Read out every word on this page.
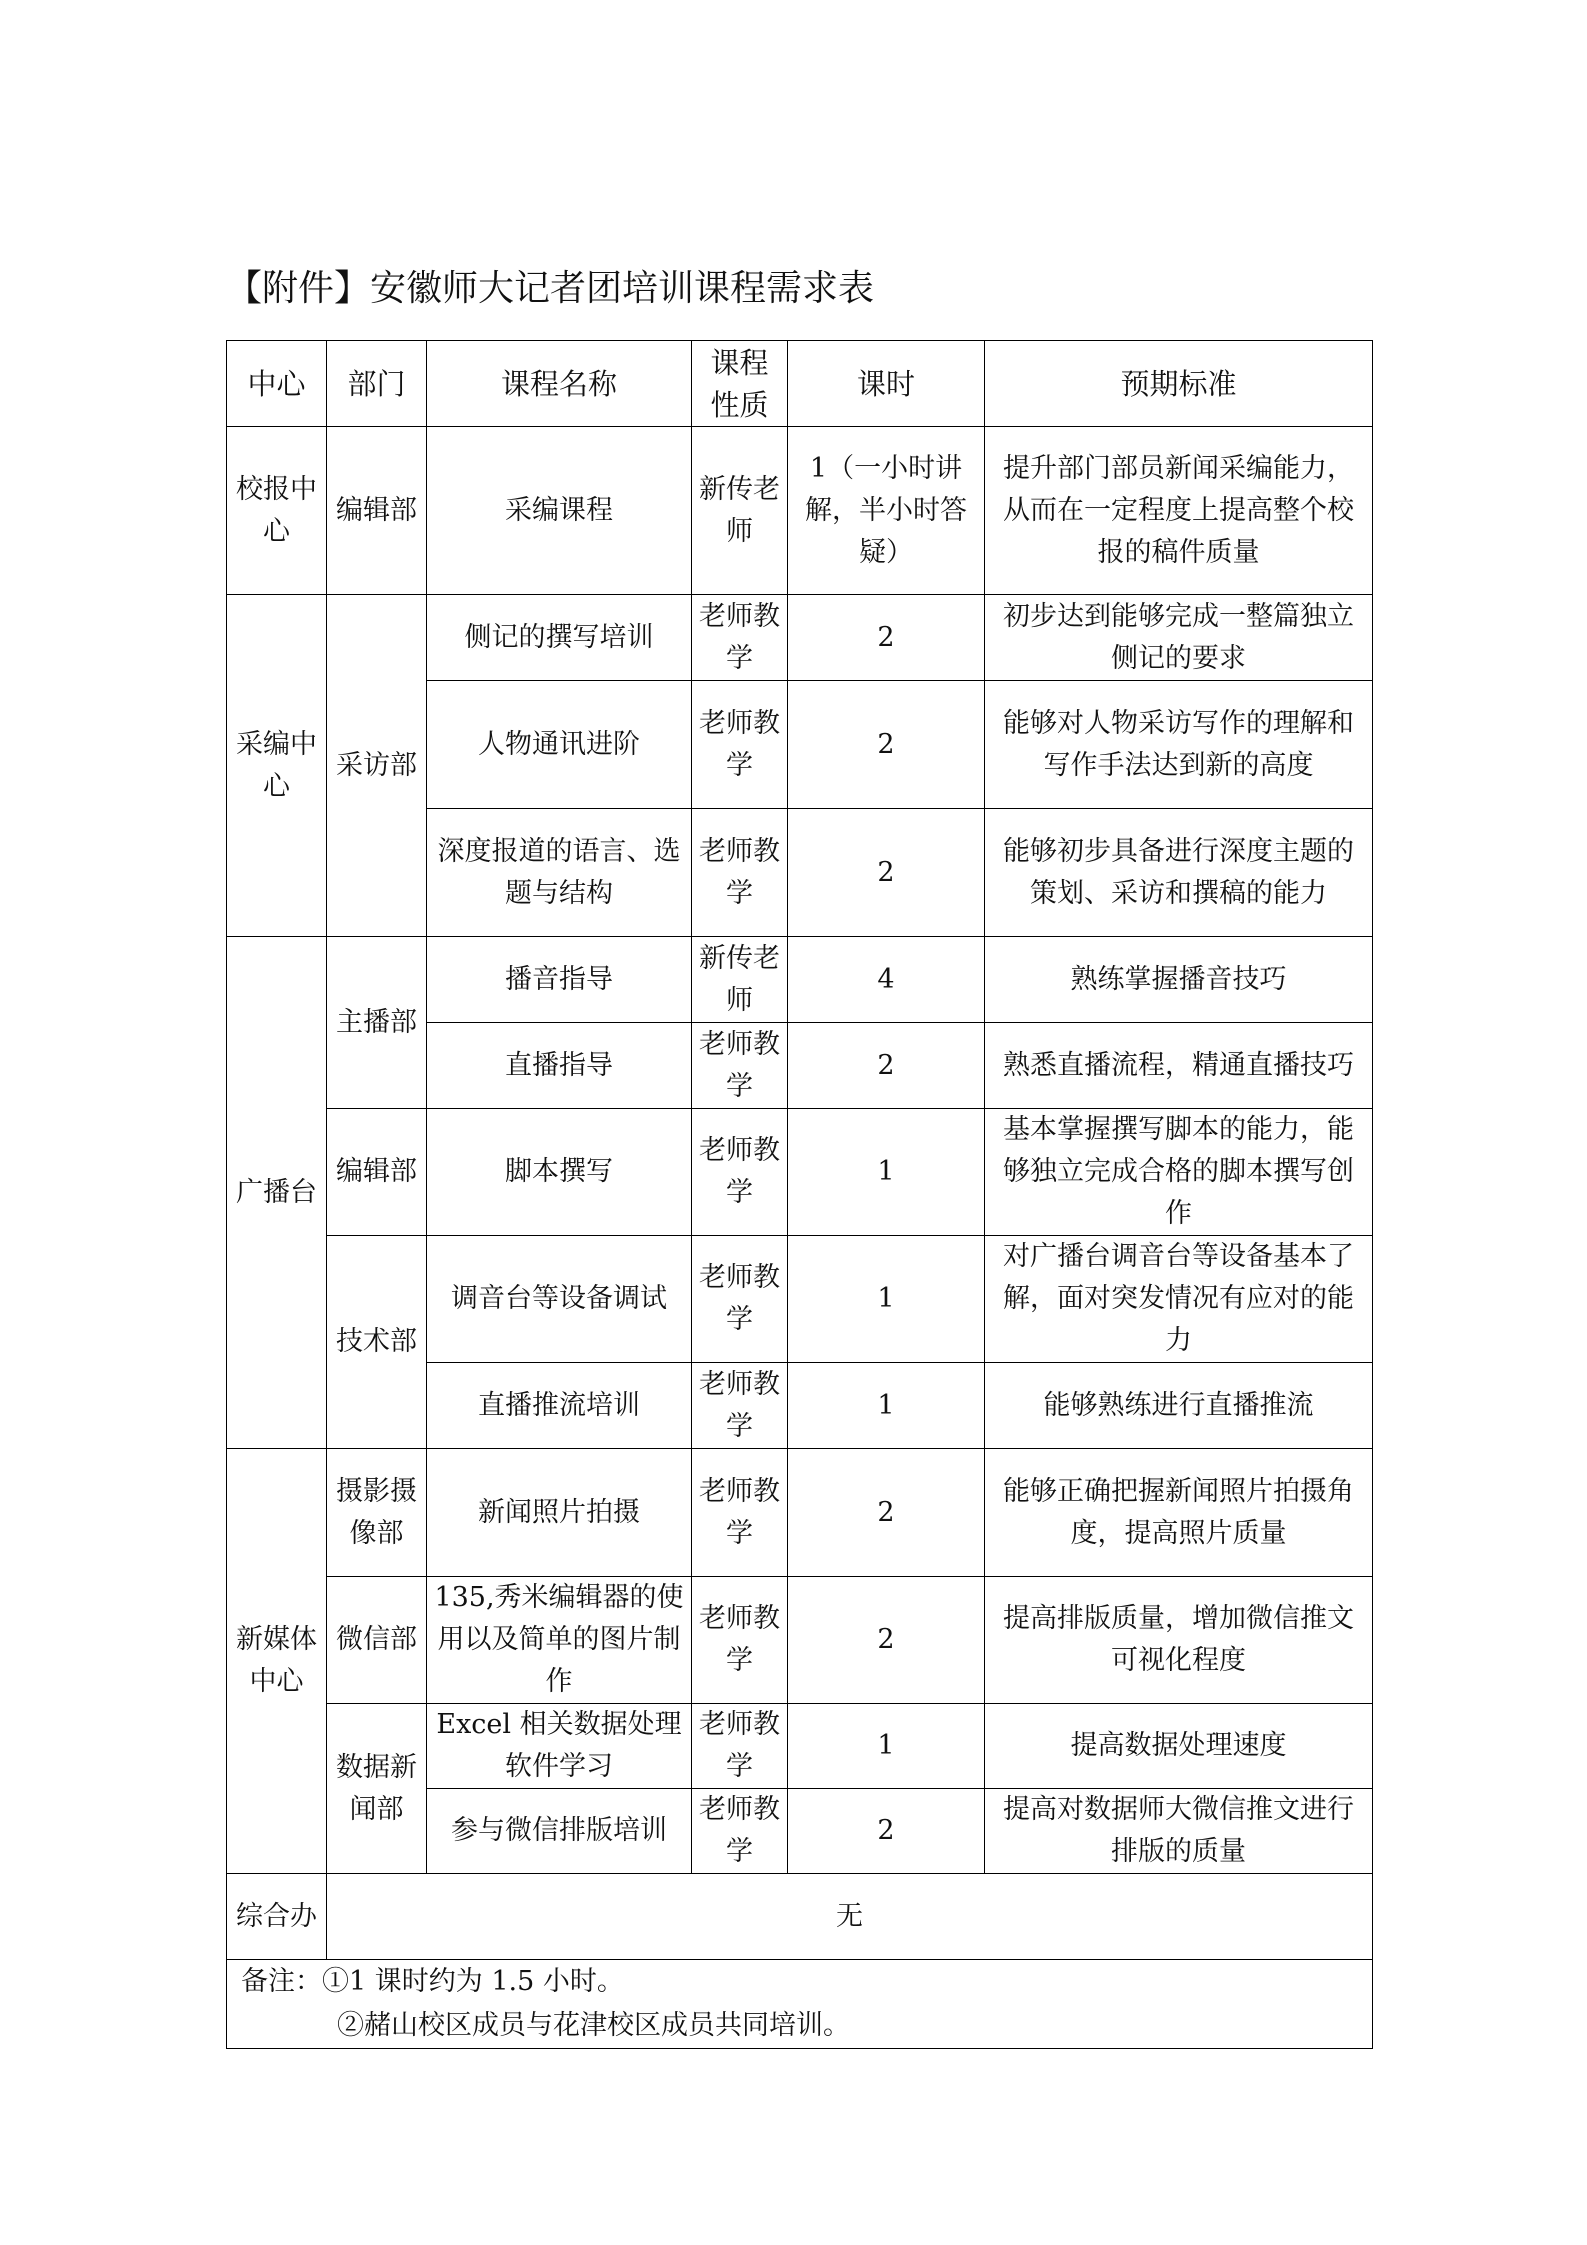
【附件】安徽师大记者团培训课程需求表
中心	部门	课程名称	课程性质	课时	预期标准
校报中心	编辑部	采编课程	新传老师	1（一小时讲解，半小时答疑）	提升部门部员新闻采编能力，从而在一定程度上提高整个校报的稿件质量
采编中心	采访部	侧记的撰写培训	老师教学	2	初步达到能够完成一整篇独立侧记的要求
		人物通讯进阶	老师教学	2	能够对人物采访写作的理解和写作手法达到新的高度
		深度报道的语言、选题与结构	老师教学	2	能够初步具备进行深度主题的策划、采访和撰稿的能力
广播台	主播部	播音指导	新传老师	4	熟练掌握播音技巧
		直播指导	老师教学	2	熟悉直播流程，精通直播技巧
	编辑部	脚本撰写	老师教学	1	基本掌握撰写脚本的能力，能够独立完成合格的脚本撰写创作
	技术部	调音台等设备调试	老师教学	1	对广播台调音台等设备基本了解，面对突发情况有应对的能力
		直播推流培训	老师教学	1	能够熟练进行直播推流
新媒体中心	摄影摄像部	新闻照片拍摄	老师教学	2	能够正确把握新闻照片拍摄角度，提高照片质量
	微信部	135,秀米编辑器的使用以及简单的图片制作	老师教学	2	提高排版质量，增加微信推文可视化程度
	数据新闻部	Excel 相关数据处理软件学习	老师教学	1	提高数据处理速度
		参与微信排版培训	老师教学	2	提高对数据师大微信推文进行排版的质量
综合办	无				

备注：①1 课时约为 1.5 小时。
②赭山校区成员与花津校区成员共同培训。					
